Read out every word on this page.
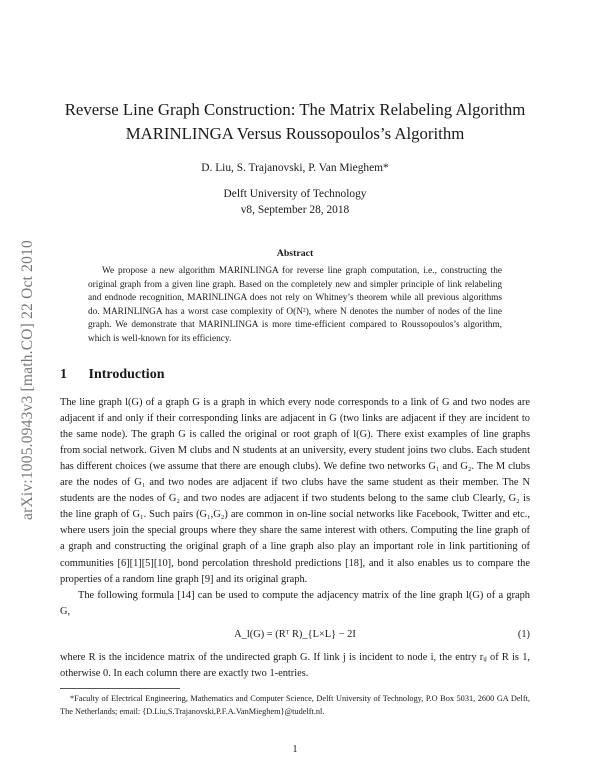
arXiv:1005.0943v3 [math.CO] 22 Oct 2010
Reverse Line Graph Construction: The Matrix Relabeling Algorithm
MARINLINGA Versus Roussopoulos’s Algorithm
D. Liu, S. Trajanovski, P. Van Mieghem*
Delft University of Technology
v8, September 28, 2018
Abstract
We propose a new algorithm MARINLINGA for reverse line graph computation, i.e., constructing the original graph from a given line graph. Based on the completely new and simpler principle of link relabeling and endnode recognition, MARINLINGA does not rely on Whitney’s theorem while all previous algorithms do. MARINLINGA has a worst case complexity of O(N²), where N denotes the number of nodes of the line graph. We demonstrate that MARINLINGA is more time-efficient compared to Roussopoulos’s algorithm, which is well-known for its efficiency.
1 Introduction
The line graph l(G) of a graph G is a graph in which every node corresponds to a link of G and two nodes are adjacent if and only if their corresponding links are adjacent in G (two links are adjacent if they are incident to the same node). The graph G is called the original or root graph of l(G). There exist examples of line graphs from social network. Given M clubs and N students at an university, every student joins two clubs. Each student has different choices (we assume that there are enough clubs). We define two networks G₁ and G₂. The M clubs are the nodes of G₁ and two nodes are adjacent if two clubs have the same student as their member. The N students are the nodes of G₂ and two nodes are adjacent if two students belong to the same club Clearly, G₂ is the line graph of G₁. Such pairs (G₁,G₂) are common in on-line social networks like Facebook, Twitter and etc., where users join the special groups where they share the same interest with others. Computing the line graph of a graph and constructing the original graph of a line graph also play an important role in link partitioning of communities [6][1][5][10], bond percolation threshold predictions [18], and it also enables us to compare the properties of a random line graph [9] and its original graph.
The following formula [14] can be used to compute the adjacency matrix of the line graph l(G) of a graph G,
A_l(G) = (Rᵀ R)_{L×L} − 2I	(1)
where R is the incidence matrix of the undirected graph G. If link j is incident to node i, the entry rᵢⱼ of R is 1, otherwise 0. In each column there are exactly two 1-entries.
*Faculty of Electrical Engineering, Mathematics and Computer Science, Delft University of Technology, P.O Box 5031, 2600 GA Delft, The Netherlands; email: {D.Liu,S.Trajanovski,P.F.A.VanMieghem}@tudelft.nl.
1
